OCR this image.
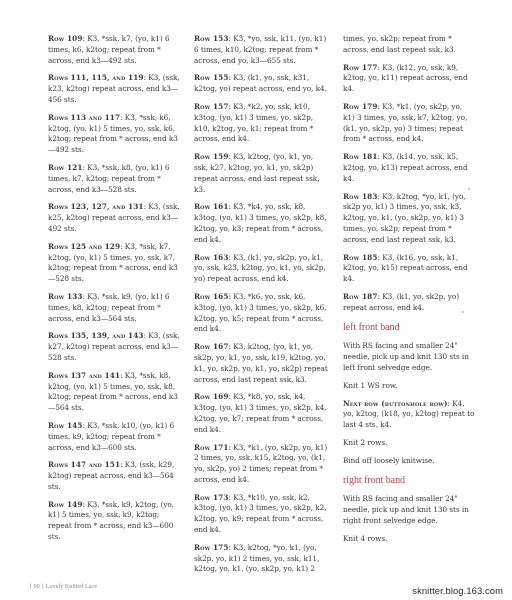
Row 109: K3, *ssk, k7, (yo, k1) 6 times, k6, k2tog; repeat from * across, end k3—492 sts.

Rows 111, 115, and 119: K3, (ssk, k23, k2tog) repeat across, end k3—456 sts.

Rows 113 and 117: K3, *ssk, k6, k2tog, (yo, k1) 5 times, yo, ssk, k6, k2tog; repeat from * across, end k3—492 sts.

Row 121: K3, *ssk, k8, (yo, k1) 6 times, k7, k2tog; repeat from * across, end k3—528 sts.

Rows 123, 127, and 131: K3, (ssk, k25, k2tog) repeat across, end k3—492 sts.

Rows 125 and 129: K3, *ssk, k7, k2tog, (yo, k1) 5 times, yo, ssk, k7, k2tog; repeat from * across, end k3—528 sts.

Row 133: K3, *ssk, k9, (yo, k1) 6 times, k8, k2tog; repeat from * across, end k3—564 sts.

Rows 135, 139, and 143: K3, (ssk, k27, k2tog) repeat across, end k3—528 sts.

Rows 137 and 141: K3, *ssk, k8, k2tog, (yo, k1) 5 times, yo, ssk, k8, k2tog; repeat from * across, end k3—564 sts.

Row 145: K3, *ssk, k10, (yo, k1) 6 times, k9, k2tog; repeat from * across, end k3—600 sts.

Rows 147 and 151: K3, (ssk, k29, k2tog) repeat across, end k3—564 sts.

Row 149: K3, *ssk, k9, k2tog, (yo, k1) 5 times, yo, ssk, k9, k2tog; repeat from * across, end k3—600 sts.

Row 153: K3, *yo, ssk, k11, (yo, k1) 6 times, k10, k2tog; repeat from * across, end yo, k3—655 sts.

Row 155: K3, (k1, yo, ssk, k31, k2tog, yo) repeat across, end yo, k4.

Row 157: K3, *k2, yo, ssk, k10, k3tog, (yo, k1) 3 times, yo, sk2p, k10, k2tog, yo, k1; repeat from * across, end k4.

Row 159: K3, k2tog, (yo, k1, yo, ssk, k27, k2tog, yo, k1, yo, sk2p) repeat across, end last repeat ssk, k3.

Row 161: K3, *k4, yo, ssk, k8, k3tog, (yo, k1) 3 times, yo, sk2p, k8, k2tog, yo, k3; repeat from * across, end k4.

Row 163: K3, (k1, yo, sk2p, yo, k1, yo, ssk, k23, k2tog, yo, k1, yo, sk2p, yo) repeat across, end k4.

Row 165: K3, *k6, yo, ssk, k6, k3tog, (yo, k1) 3 times, yo, sk2p, k6, k2tog, yo, k5; repeat from * across, end k4.

Row 167: K3, k2tog, (yo, k1, yo, sk2p, yo, k1, yo, ssk, k19, k2tog, yo, k1, yo, sk2p, yo, k1, yo, sk2p) repeat across, end last repeat ssk, k3.

Row 169: K3, *k8, yo, ssk, k4, k3tog, (yo, k1) 3 times, yo, sk2p, k4, k2tog, yo, k7; repeat from * across, end k4.

Row 171: K3, *k1, (yo, sk2p, yo, k1) 2 times, yo, ssk, k15, k2tog, yo, (k1, yo, sk2p, yo) 2 times; repeat from * across, end k4.

Row 173: K3, *k10, yo, ssk, k2, k3tog, (yo, k1) 3 times, yo, sk2p, k2, k2tog, yo, k9; repeat from * across, end k4.

Row 175: K3, k2tog, *yo, k1, (yo, sk2p, yo, k1) 2 times, yo, ssk, k11, k2tog, yo, k1, (yo, sk2p, yo, k1) 2

times, yo, sk2p; repeat from * across, end last repeat ssk, k3.

Row 177: K3, (k12, yo, ssk, k9, k2tog, yo, k11) repeat across, end k4.

Row 179: K3, *k1, (yo, sk2p, yo, k1) 3 times, yo, ssk, k7, k2tog, yo, (k1, yo, sk2p, yo) 3 times; repeat from * across, end k4.

Row 181: K3, (k14, yo, ssk, k5, k2tog, yo, k13) repeat across, end k4.

Row 183: K3, k2tog, *yo, k1, (yo, sk2p yo, k1) 3 times, yo, ssk, k3, k2tog, yo, k1, (yo, sk2p, yo, k1) 3 times, yo, sk2p; repeat from * across, end last repeat ssk, k3.

Row 185: K3, (k16, yo, ssk, k1, k2tog, yo, k15) repeat across, end k4.

Row 187: K3, (k1, yo, sk2p, yo) repeat across, end k4.

left front band

With RS facing and smaller 24" needle, pick up and knit 130 sts in left front selvedge edge.

Knit 1 WS row.

Next row (buttonhole row): K4, yo, k2tog, (k18, yo, k2tog) repeat to last 4 sts, k4.

Knit 2 rows.

Bind off loosely knitwise.

right front band

With RS facing and smaller 24" needle, pick up and knit 130 sts in right front selvedge edge.

Knit 4 rows.

{ 90 } Lovely Knitted Lace	sknitter.blog.163.com
